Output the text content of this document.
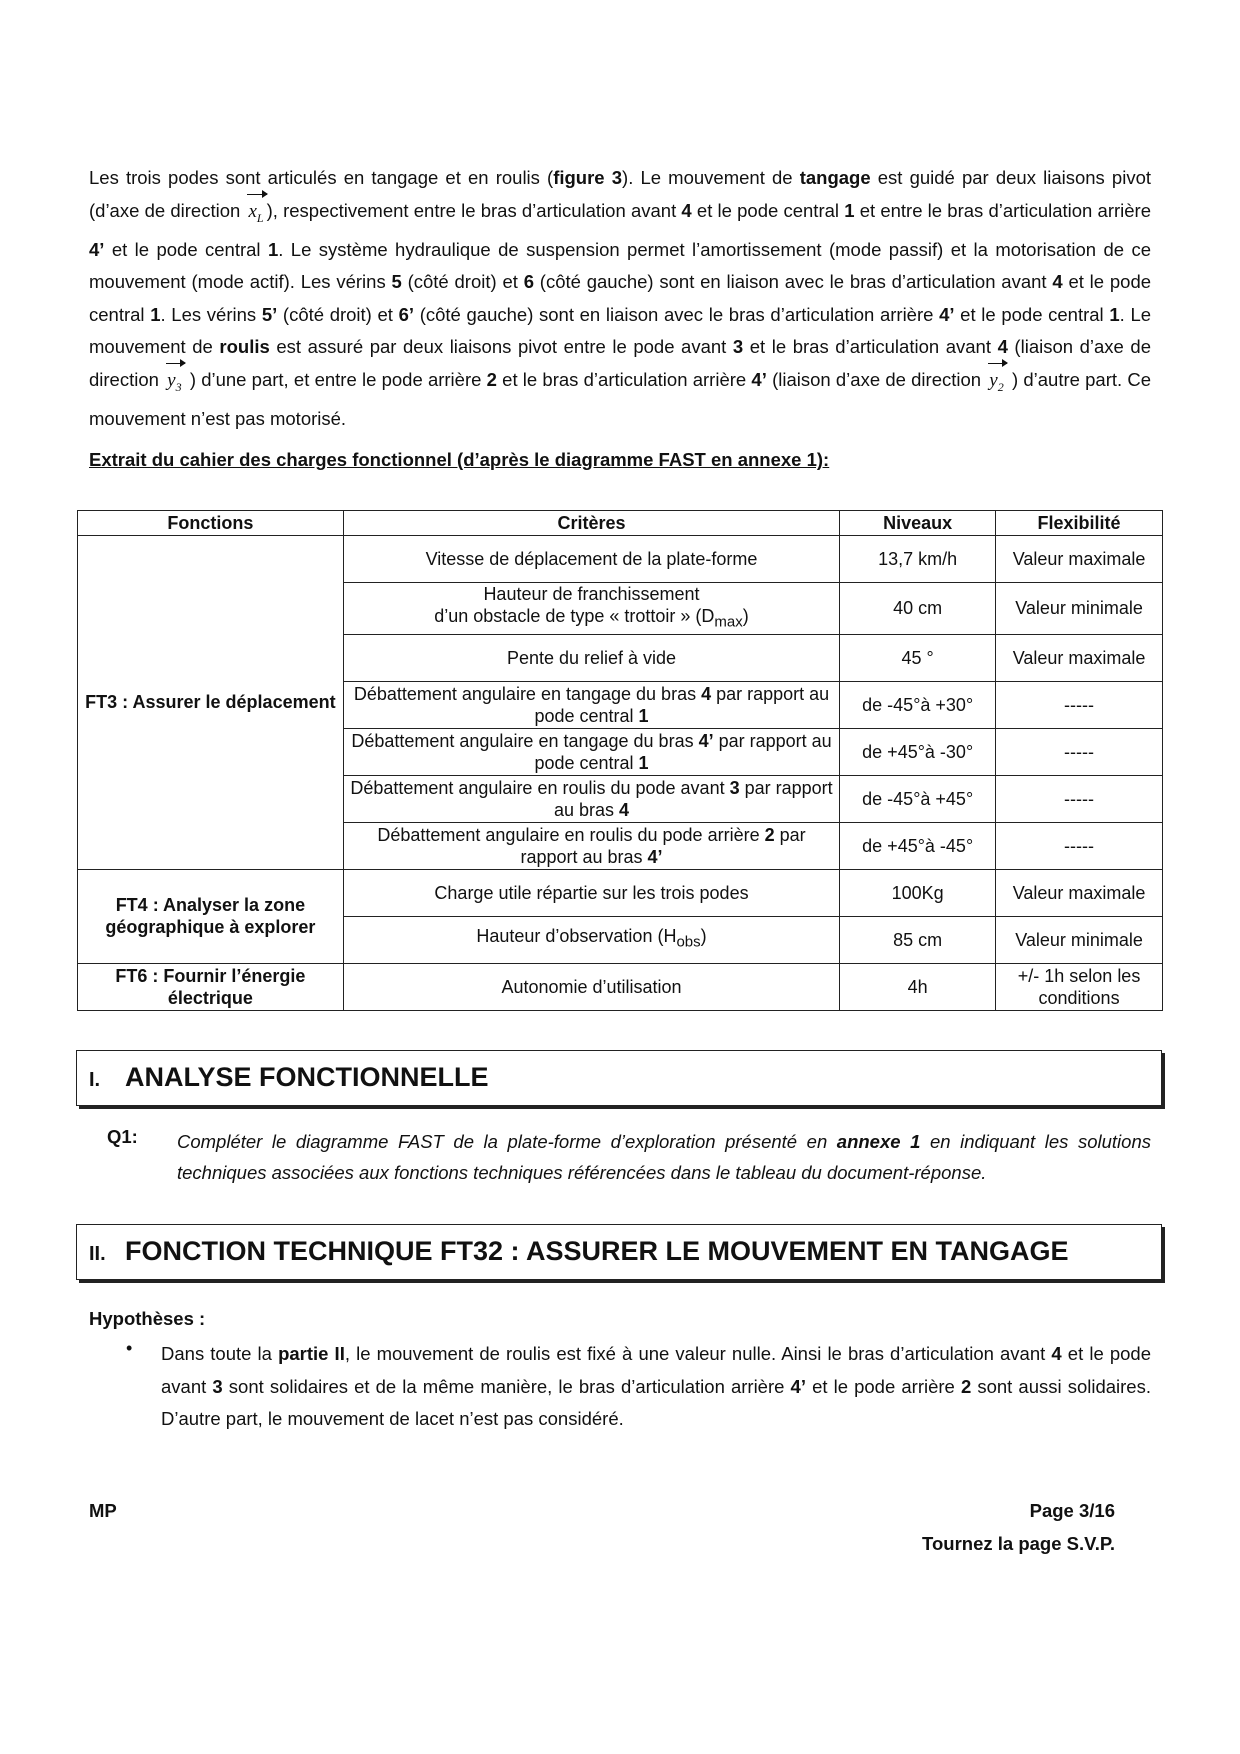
Les trois podes sont articulés en tangage et en roulis (figure 3). Le mouvement de tangage est guidé par deux liaisons pivot (d’axe de direction $x_L$ ), respectivement entre le bras d’articulation avant 4 et le pode central 1 et entre le bras d’articulation arrière 4’ et le pode central 1. Le système hydraulique de suspension permet l’amortissement (mode passif) et la motorisation de ce mouvement (mode actif). Les vérins 5 (côté droit) et 6 (côté gauche) sont en liaison avec le bras d’articulation avant 4 et le pode central 1. Les vérins 5’ (côté droit) et 6’ (côté gauche) sont en liaison avec le bras d’articulation arrière 4’ et le pode central 1. Le mouvement de roulis est assuré par deux liaisons pivot entre le pode avant 3 et le bras d’articulation avant 4 (liaison d’axe de direction $y_3$ ) d’une part, et entre le pode arrière 2 et le bras d’articulation arrière 4’ (liaison d’axe de direction $y_2$ ) d’autre part. Ce mouvement n’est pas motorisé.

Extrait du cahier des charges fonctionnel (d’après le diagramme FAST en annexe 1):

Fonctions	Critères	Niveaux	Flexibilité
FT3 : Assurer le déplacement	Vitesse de déplacement de la plate-forme	13,7 km/h	Valeur maximale
	Hauteur de franchissement
d’un obstacle de type « trottoir » $(D_{max})$	40 cm	Valeur minimale
	Pente du relief à vide	45 °	Valeur maximale
	Débattement angulaire en tangage du bras 4 par rapport au pode central 1	de -45°à +30°	-----
	Débattement angulaire en tangage du bras 4’ par rapport au pode central 1	de +45°à -30°	-----
	Débattement angulaire en roulis du pode avant 3 par rapport au bras 4	de -45°à +45°	-----
	Débattement angulaire en roulis du pode arrière 2 par rapport au bras 4’	de +45°à -45°	-----
FT4 : Analyser la zone géographique à explorer	Charge utile répartie sur les trois podes	100Kg	Valeur maximale
	Hauteur d’observation $(H_{obs})$	85 cm	Valeur minimale
FT6 : Fournir l’énergie électrique	Autonomie d’utilisation	4h	+/- 1h selon les conditions
I. ANALYSE FONCTIONNELLE
Q1: Compléter le diagramme FAST de la plate-forme d’exploration présenté en annexe 1 en indiquant les solutions techniques associées aux fonctions techniques référencées dans le tableau du document-réponse.

II. FONCTION TECHNIQUE FT32 : ASSURER LE MOUVEMENT EN TANGAGE
Hypothèses :
• Dans toute la partie II, le mouvement de roulis est fixé à une valeur nulle. Ainsi le bras d’articulation avant 4 et le pode avant 3 sont solidaires et de la même manière, le bras d’articulation arrière 4’ et le pode arrière 2 sont aussi solidaires. D’autre part, le mouvement de lacet n’est pas considéré.

MP	Page 3/16
Tournez la page S.V.P.
